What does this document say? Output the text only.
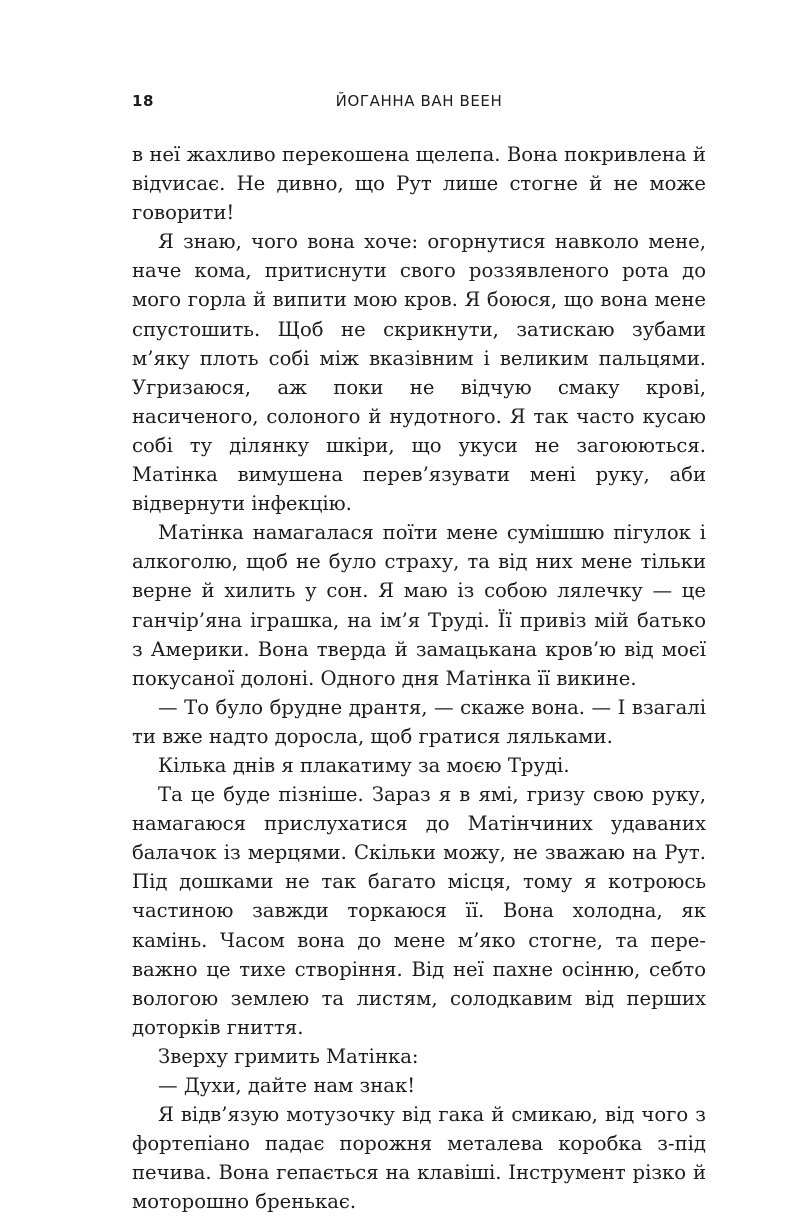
18	ЙОГАННА ВАН ВЕЕН

в неї жахливо перекошена щелепа. Вона покривлена й відvисає. Не дивно, що Рут лише стогне й не може говорити!

Я знаю, чого вона хоче: огорнутися навколо мене, наче кома, притиснути свого роззявленого рота до мого горла й випити мою кров. Я боюся, що вона мене спустошить. Щоб не скрикнути, затискаю зубами м’яку плоть собі між вказівним і великим пальцями. Угризаюся, аж поки не відчую смаку крові, насиченого, солоного й нудотного. Я так часто кусаю собі ту ділянку шкіри, що укуси не загоюються. Матінка вимушена перев’язувати мені руку, аби відвернути інфекцію.

Матінка намагалася поїти мене сумішшю пігулок і алкоголю, щоб не було страху, та від них мене тільки верне й хилить у сон. Я маю із собою лялечку — це ганчір’яна іграшка, на ім’я Труді. Її привіз мій батько з Америки. Вона тверда й замацькана кров’ю від моєї покусаної долоні. Одного дня Матінка її викине.

— То було брудне дрантя, — скаже вона. — І взагалі ти вже надто доросла, щоб гратися ляльками.

Кілька днів я плакатиму за моєю Труді.

Та це буде пізніше. Зараз я в ямі, гризу свою руку, намагаюся прислухатися до Матінчиних удаваних балачок із мерцями. Скільки можу, не зважаю на Рут. Під дошками не так багато місця, тому я котроюсь частиною завжди торкаюся її. Вона холодна, як камінь. Часом вона до мене м’яко стогне, та переважно це тихе створіння. Від неї пахне осінню, себто вологою землею та листям, солодкавим від перших доторків гниття.

Зверху гримить Матінка:

— Духи, дайте нам знак!

Я відв’язую мотузочку від гака й смикаю, від чого з фортепіано падає порожня металева коробка з-під печива. Вона гепається на клавіші. Інструмент різко й моторошно бренькає.
